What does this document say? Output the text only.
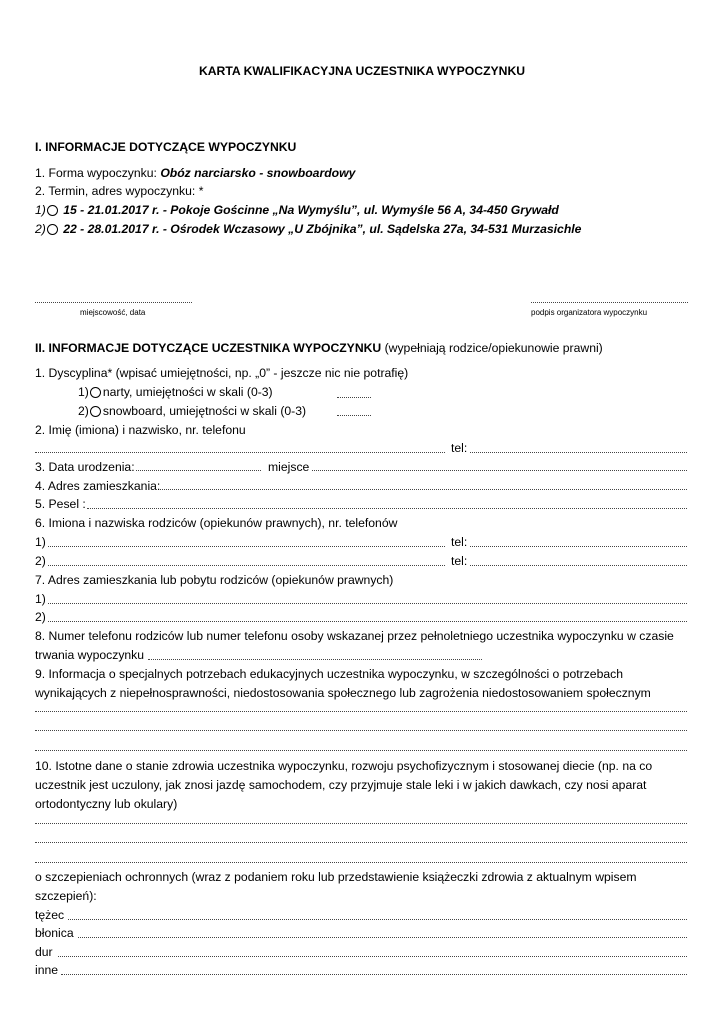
KARTA KWALIFIKACYJNA UCZESTNIKA WYPOCZYNKU
I. INFORMACJE DOTYCZĄCE WYPOCZYNKU
1. Forma wypoczynku: Obóz narciarsko - snowboardowy
2. Termin, adres wypoczynku: *
1) 15 - 21.01.2017 r. - Pokoje Gościnne „Na Wymyślu”, ul. Wymyśle 56 A, 34-450 Grywałd
2) 22 - 28.01.2017 r. - Ośrodek Wczasowy „U Zbójnika”, ul. Sądelska 27a, 34-531 Murzasichle
miejscowość, data	podpis organizatora wypoczynku
II. INFORMACJE DOTYCZĄCE UCZESTNIKA WYPOCZYNKU (wypełniają rodzice/opiekunowie prawni)
1. Dyscyplina* (wpisać umiejętności, np. „0” - jeszcze nic nie potrafię)
1) narty, umiejętności w skali (0-3)
2) snowboard, umiejętności w skali (0-3)
2. Imię (imiona) i nazwisko, nr. telefonu
tel:
3. Data urodzenia:	miejsce
4. Adres zamieszkania:
5. Pesel :
6. Imiona i nazwiska rodziców (opiekunów prawnych), nr. telefonów
1)	tel:
2)	tel:
7. Adres zamieszkania lub pobytu rodziców (opiekunów prawnych)
1)
2)
8. Numer telefonu rodziców lub numer telefonu osoby wskazanej przez pełnoletniego uczestnika wypoczynku w czasie
trwania wypoczynku
9. Informacja o specjalnych potrzebach edukacyjnych uczestnika wypoczynku, w szczególności o potrzebach
wynikających z niepełnosprawności, niedostosowania społecznego lub zagrożenia niedostosowaniem społecznym
10. Istotne dane o stanie zdrowia uczestnika wypoczynku, rozwoju psychofizycznym i stosowanej diecie (np. na co
uczestnik jest uczulony, jak znosi jazdę samochodem, czy przyjmuje stale leki i w jakich dawkach, czy nosi aparat
ortodontyczny lub okulary)
o szczepieniach ochronnych (wraz z podaniem roku lub przedstawienie książeczki zdrowia z aktualnym wpisem
szczepień):
tężec
błonica
dur
inne
